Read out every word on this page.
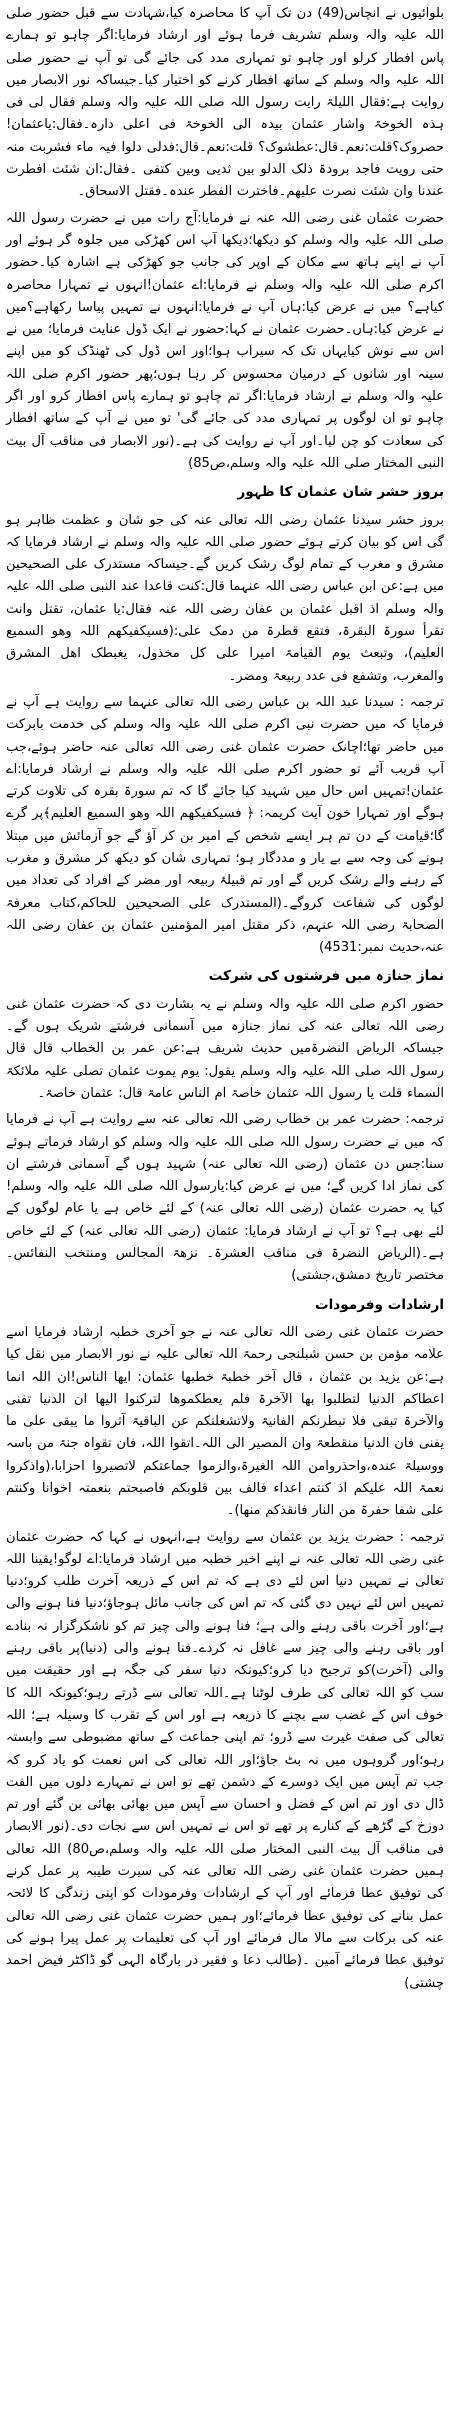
بلوائیوں نے انچاس(49) دن تک آپ کا محاصرہ کیا،شہادت سے قبل حضور صلی اللہ علیہ والہ وسلم تشریف فرما ہوئے اور ارشاد فرمایا:اگر چاہو تو ہمارے پاس افطار کرلو اور چاہو تو تمہاری مدد کی جائے گی تو آپ نے حضور صلی اللہ علیہ والہ وسلم کے ساتھ افطار کرنے کو اختیار کیا۔جیساکہ نور الابصار میں روایت ہے:فقال اللیلۃ رایت رسول اللہ صلی اللہ علیہ والہ وسلم فقال لی فی ہذہ الخوخۃ واشار عثمان بیدہ الی الخوخۃ فی اعلی دارہ۔فقال:یاعثمان! حصروک؟قلت:نعم۔قال:عطشوک؟ قلت:نعم۔قال:فدلی دلوا فیہ ماء فشربت منہ حتی رویت فاجد برودۃ ذلک الدلو بین ثدیی وبین کتفی ۔فقال:ان شئت افطرت عندنا وان شئت نصرت علیھم۔فاخترت الفطر عندہ۔فقتل الاسحاق۔

حضرت عثمان غنی رضی اللہ عنہ نے فرمایا:آج رات میں نے حضرت رسول اللہ صلی اللہ علیہ والہ وسلم کو دیکھا؛دیکھا آپ اس کھڑکی میں جلوہ گر ہوئے اور آپ نے اپنے ہاتھ سے مکان کے اوپر کی جانب جو کھڑکی ہے اشارہ کیا۔حضور اکرم صلی اللہ علیہ والہ وسلم نے فرمایا:اے عثمان!انہوں نے تمہارا محاصرہ کیاہے؟ میں نے عرض کیا:ہاں آپ نے فرمایا:انہوں نے تمہیں پیاسا رکھاہے؟میں نے عرض کیا:ہاں۔حضرت عثمان نے کہا:حضور نے ایک ڈول عنایت فرمایا؛ میں نے اس سے نوش کیایہاں تک کہ سیراب ہوا؛اور اس ڈول کی ٹھنڈک کو میں اپنے سینہ اور شانوں کے درمیان محسوس کر رہا ہوں؛پھر حضور اکرم صلی اللہ علیہ والہ وسلم نے ارشاد فرمایا:اگر تم چاہو تو ہمارے پاس افطار کرو اور اگر چاہو تو ان لوگوں پر تمہاری مدد کی جائے گی' تو میں نے آپ کے ساتھ افطار کی سعادت کو چن لیا۔اور آپ نے روایت کی ہے۔(نور الابصار فی مناقب آل بیت النبی المختار صلی اللہ علیہ والہ وسلم،ص85)

بروز حشر شان عثمان کا ظہور

بروز حشر سیدنا عثمان رضی اللہ تعالی عنہ کی جو شان و عظمت ظاہر ہو گی اس کو بیان کرتے ہوئے حضور صلی اللہ علیہ والہ وسلم نے ارشاد فرمایا کہ مشرق و مغرب کے تمام لوگ رشک کریں گے۔جیساکہ مستدرک علی الصحیحین میں ہے:عن ابن عباس رضی اللہ عنہما قال:کنت قاعدا عند النبی صلی اللہ علیہ والہ وسلم اذ اقبل عثمان بن عفان رضی اللہ عنہ فقال:یا عثمان، تقتل وانت تقرأ سورۃ البقرۃ، فتقع قطرۃ من دمک علی:(فسیکفیکھم اللہ وھو السمیع العلیم)، وتبعث یوم القیامۃ امیرا علی کل مخذول، یغبطک اھل المشرق والمغرب، وتشفع فی عدد ربیعۃ ومضر۔

ترجمہ : سیدنا عبد اللہ بن عباس رضی اللہ تعالی عنہما سے روایت ہے آپ نے فرمایا کہ میں حضرت نبی اکرم صلی اللہ علیہ والہ وسلم کی خدمت بابرکت میں حاضر تھا؛اچانک حضرت عثمان غنی رضی اللہ تعالی عنہ حاضر ہوئے،جب آپ قریب آئے تو حضور اکرم صلی اللہ علیہ والہ وسلم نے ارشاد فرمایا:اے عثمان!تمہیں اس حال میں شہید کیا جائے گا کہ تم سورۃ بقرہ کی تلاوت کرتے ہوگے اور تمہارا خون آیت کریمہ: ﴿ فسیکفیکھم اللہ وھو السمیع العلیم﴾پر گرے گا؛قیامت کے دن تم ہر ایسے شخص کے امیر بن کر آؤ گے جو آزمائش میں مبتلا ہونے کی وجہ سے بے یار و مددگار ہو؛ تمہاری شان کو دیکھ کر مشرق و مغرب کے رہنے والے رشک کریں گے اور تم قبیلۂ ربیعہ اور مضر کے افراد کی تعداد میں لوگوں کی شفاعت کروگے۔(المستدرک علی الصحیحین للحاکم،کتاب معرفۃ الصحابۃ رضی اللہ عنہم، ذکر مقتل امیر المؤمنین عثمان بن عفان رضی اللہ عنہ،حدیث نمبر:4531)

نماز جنازہ میں فرشتوں کی شرکت

حضور اکرم صلی اللہ علیہ والہ وسلم نے یہ بشارت دی کہ حضرت عثمان غنی رضی اللہ تعالی عنہ کی نماز جنازہ میں آسمانی فرشتے شریک ہوں گے۔جیساکہ الریاض النضرۃمیں حدیث شریف ہے:عن عمر بن الخطاب قال قال رسول اللہ صلی اللہ علیہ والہ وسلم یقول: یوم یموت عثمان تصلی علیہ ملائکۃ السماء قلت یا رسول اللہ عثمان خاصۃ ام الناس عامۃ قال: عثمان خاصۃ۔

ترجمہ: حضرت عمر بن خطاب رضی اللہ تعالی عنہ سے روایت ہے آپ نے فرمایا کہ میں نے حضرت رسول اللہ صلی اللہ علیہ والہ وسلم کو ارشاد فرماتے ہوئے سنا:جس دن عثمان (رضی اللہ تعالی عنہ) شہید ہوں گے آسمانی فرشتے ان کی نماز ادا کریں گے؛ میں نے عرض کیا:یارسول اللہ صلی اللہ علیہ والہ وسلم!کیا یہ حضرت عثمان (رضی اللہ تعالی عنہ) کے لئے خاص ہے یا عام لوگوں کے لئے بھی ہے؟ تو آپ نے ارشاد فرمایا: عثمان (رضی اللہ تعالی عنہ) کے لئے خاص ہے۔(الریاض النضرۃ فی مناقب العشرۃ۔ نزھۃ المجالس ومنتخب النفائس۔مختصر تاریخ دمشق،جشتی)

ارشادات وفرمودات

حضرت عثمان غنی رضی اللہ تعالی عنہ نے جو آخری خطبہ ارشاد فرمایا اسے علامہ مؤمن بن حسن شبلنجی رحمۃ اللہ تعالی علیہ نے نور الابصار میں نقل کیا ہے:عن یزید بن عثمان ، قال آخر خطبۃ خطبھا عثمان: ایھا الناس!ان اللہ انما اعطاکم الدنیا لتطلبوا بھا الآخرۃ فلم یعطکموھا لترکنوا الیھا ان الدنیا تفنی والآخرۃ تبقی فلا تبطرنکم الفانیۃ ولاتشغلنکم عن الباقیۃ آثروا ما یبقی علی ما یفنی فان الدنیا منقطعۃ وان المصیر الی اللہ۔اتقوا اللہ، فان تقواہ جنۃ من باسہ ووسیلۃ عندہ،واحذروامن اللہ الغیرۃ،والزموا جماعتکم لاتصیروا احزابا،(واذکروا نعمۃ اللہ علیکم اذ کنتم اعداء فالف بین قلوبکم فاصبحتم بنعمتہ اخوانا وکنتم علی شفا حفرۃ من النار فانقذکم منھا)۔

ترجمہ : حضرت یزید بن عثمان سے روایت ہے،انہوں نے کہا کہ حضرت عثمان غنی رضی اللہ تعالی عنہ نے اپنے اخیر خطبہ میں ارشاد فرمایا:اے لوگو!یقینا اللہ تعالی نے تمہیں دنیا اس لئے دی ہے کہ تم اس کے ذریعہ آخرت طلب کرو؛دنیا تمہیں اس لئے نہیں دی گئی کہ تم اس کی جانب مائل ہوجاؤ؛دنیا فنا ہونے والی ہے؛اور آخرت باقی رہنے والی ہے؛ فنا ہونے والی چیز تم کو ناشکرگزار نہ بنادے اور باقی رہنے والی چیز سے غافل نہ کردے۔فنا ہونے والی (دنیا)پر باقی رہنے والی (آخرت)کو ترجیح دیا کرو؛کیونکہ دنیا سفر کی جگہ ہے اور حقیقت میں سب کو اللہ تعالی کی طرف لوٹنا ہے۔اللہ تعالی سے ڈرتے رہو؛کیونکہ اللہ کا خوف اس کے غضب سے بچنے کا ذریعہ ہے اور اس کے تقرب کا وسیلہ ہے؛ اللہ تعالی کی صفت غیرت سے ڈرو؛ تم اپنی جماعت کے ساتھ مضبوطی سے وابستہ رہو؛اور گروہوں میں نہ بٹ جاؤ؛اور اللہ تعالی کی اس نعمت کو یاد کرو کہ جب تم آپس میں ایک دوسرے کے دشمن تھے تو اس نے تمہارے دلوں میں الفت ڈال دی اور تم اس کے فضل و احسان سے آپس میں بھائی بھائی بن گئے اور تم دوزخ کے گڑھے کے کنارے پر تھے تو اس نے تمہیں اس سے نجات دی۔(نور الابصار فی مناقب آل بیت النبی المختار صلی اللہ علیہ والہ وسلم،ص80) اللہ تعالی ہمیں حضرت عثمان غنی رضی اللہ تعالی عنہ کی سیرت طیبہ پر عمل کرنے کی توفیق عطا فرمائے اور آپ کے ارشادات وفرمودات کو اپنی زندگی کا لائحہ عمل بنانے کی توفیق عطا فرمائے؛اور ہمیں حضرت عثمان غنی رضی اللہ تعالی عنہ کی برکات سے مالا مال فرمائے اور آپ کی تعلیمات پر عمل پیرا ہونے کی توفیق عطا فرمائے آمین ۔(طالب دعا و فقیر در بارگاہ الہی گو ڈاکٹر فیض احمد چشتی)
